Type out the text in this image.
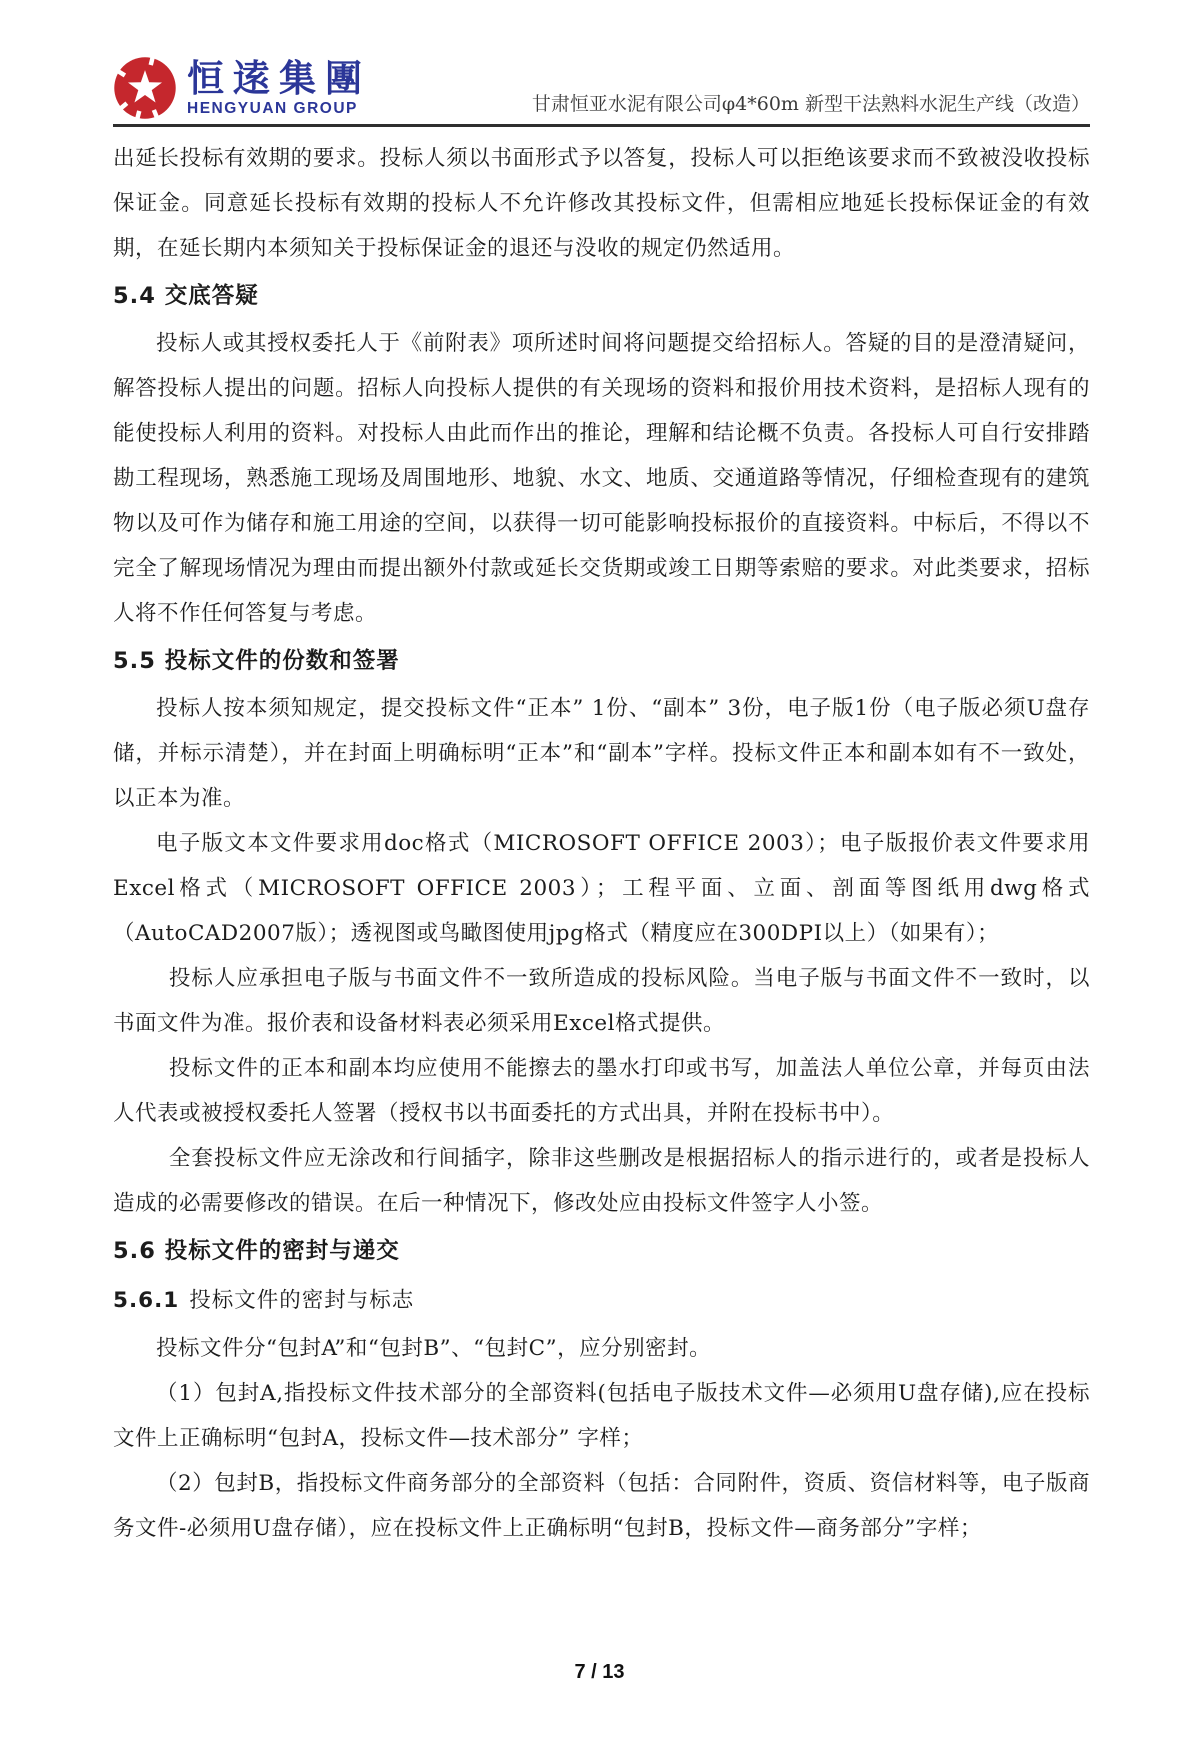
恒逺集團
HENGYUAN GROUP	甘肃恒亚水泥有限公司φ4*60m 新型干法熟料水泥生产线（改造）

出延长投标有效期的要求。投标人须以书面形式予以答复，投标人可以拒绝该要求而不致被没收投标保证金。同意延长投标有效期的投标人不允许修改其投标文件，但需相应地延长投标保证金的有效期，在延长期内本须知关于投标保证金的退还与没收的规定仍然适用。

5.4 交底答疑

投标人或其授权委托人于《前附表》项所述时间将问题提交给招标人。答疑的目的是澄清疑问，解答投标人提出的问题。招标人向投标人提供的有关现场的资料和报价用技术资料，是招标人现有的能使投标人利用的资料。对投标人由此而作出的推论，理解和结论概不负责。各投标人可自行安排踏勘工程现场，熟悉施工现场及周围地形、地貌、水文、地质、交通道路等情况，仔细检查现有的建筑物以及可作为储存和施工用途的空间，以获得一切可能影响投标报价的直接资料。中标后，不得以不完全了解现场情况为理由而提出额外付款或延长交货期或竣工日期等索赔的要求。对此类要求，招标人将不作任何答复与考虑。

5.5 投标文件的份数和签署

投标人按本须知规定，提交投标文件“正本” 1份、“副本” 3份，电子版1份（电子版必须U盘存储，并标示清楚），并在封面上明确标明“正本”和“副本”字样。投标文件正本和副本如有不一致处，以正本为准。

电子版文本文件要求用doc格式（MICROSOFT OFFICE 2003）；电子版报价表文件要求用Excel格式（MICROSOFT OFFICE 2003）；工程平面、立面、剖面等图纸用dwg格式（AutoCAD2007版）；透视图或鸟瞰图使用jpg格式（精度应在300DPI以上）（如果有）；

投标人应承担电子版与书面文件不一致所造成的投标风险。当电子版与书面文件不一致时，以书面文件为准。报价表和设备材料表必须采用Excel格式提供。

投标文件的正本和副本均应使用不能擦去的墨水打印或书写，加盖法人单位公章，并每页由法人代表或被授权委托人签署（授权书以书面委托的方式出具，并附在投标书中）。

全套投标文件应无涂改和行间插字，除非这些删改是根据招标人的指示进行的，或者是投标人造成的必需要修改的错误。在后一种情况下，修改处应由投标文件签字人小签。

5.6 投标文件的密封与递交
5.6.1 投标文件的密封与标志

投标文件分“包封A”和“包封B”、“包封C”，应分别密封。

（1）包封A,指投标文件技术部分的全部资料(包括电子版技术文件—必须用U盘存储),应在投标文件上正确标明“包封A，投标文件—技术部分” 字样；

（2）包封B，指投标文件商务部分的全部资料（包括：合同附件，资质、资信材料等，电子版商务文件-必须用U盘存储），应在投标文件上正确标明“包封B，投标文件—商务部分”字样；

7 / 13
